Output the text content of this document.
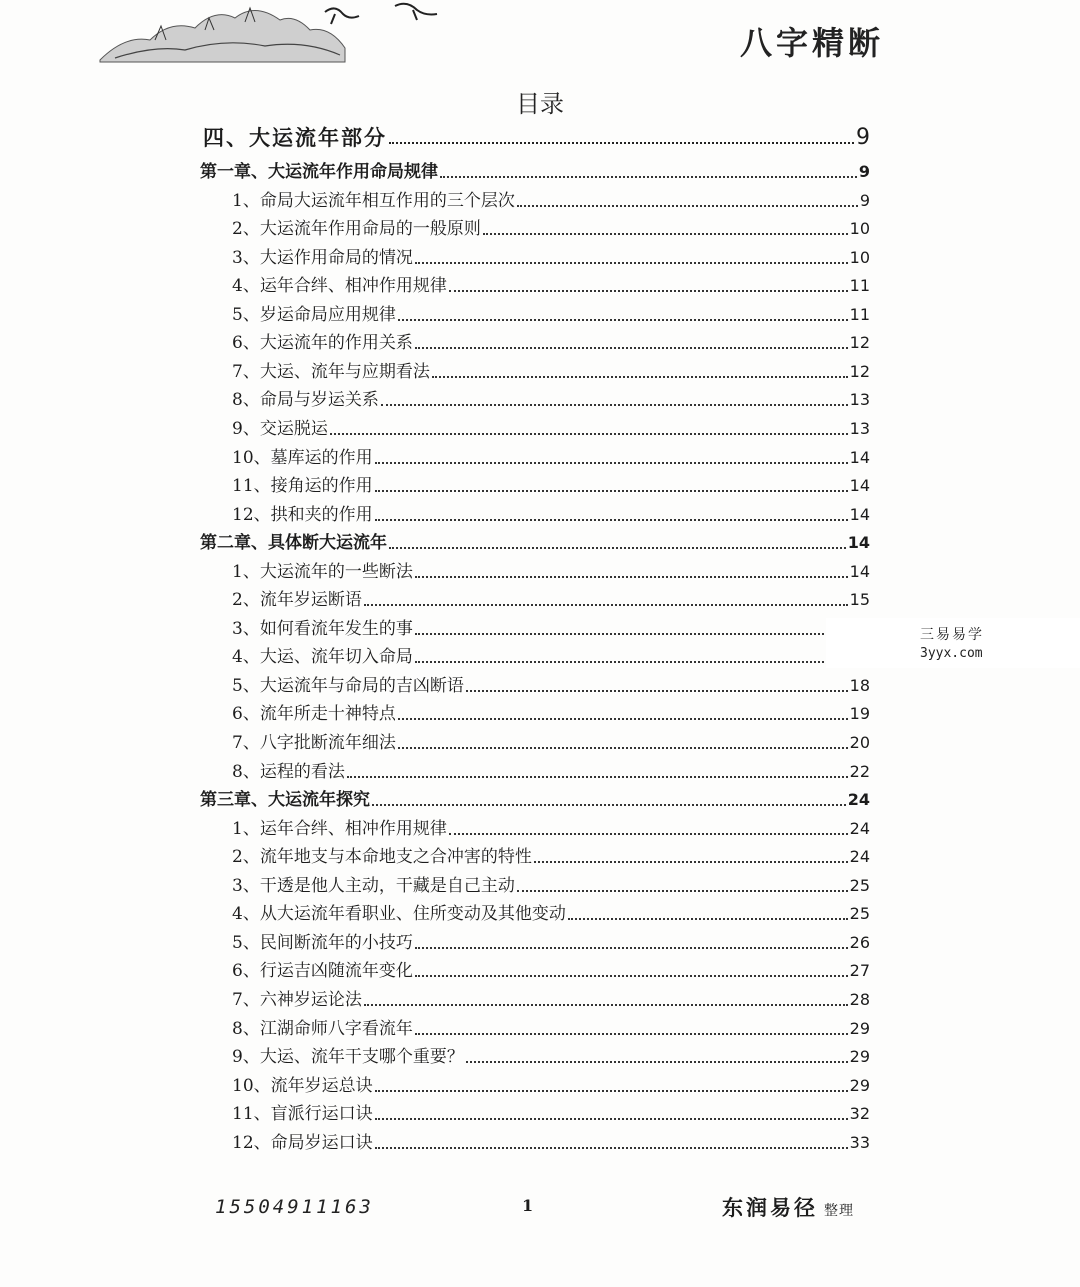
八字精断
目录
四、大运流年部分	9
第一章、大运流年作用命局规律	9
1、命局大运流年相互作用的三个层次	9
2、大运流年作用命局的一般原则	10
3、大运作用命局的情况	10
4、运年合绊、相冲作用规律	11
5、岁运命局应用规律	11
6、大运流年的作用关系	12
7、大运、流年与应期看法	12
8、命局与岁运关系	13
9、交运脱运	13
10、墓库运的作用	14
11、接角运的作用	14
12、拱和夹的作用	14
第二章、具体断大运流年	14
1、大运流年的一些断法	14
2、流年岁运断语	15
3、如何看流年发生的事
4、大运、流年切入命局
5、大运流年与命局的吉凶断语	18
6、流年所走十神特点	19
7、八字批断流年细法	20
8、运程的看法	22
第三章、大运流年探究	24
1、运年合绊、相冲作用规律	24
2、流年地支与本命地支之合冲害的特性	24
3、干透是他人主动，干藏是自己主动	25
4、从大运流年看职业、住所变动及其他变动	25
5、民间断流年的小技巧	26
6、行运吉凶随流年变化	27
7、六神岁运论法	28
8、江湖命师八字看流年	29
9、大运、流年干支哪个重要？	29
10、流年岁运总诀	29
11、盲派行运口诀	32
12、命局岁运口诀	33
三易易学
3yyx.com
15504911163	1	东润易径 整理
